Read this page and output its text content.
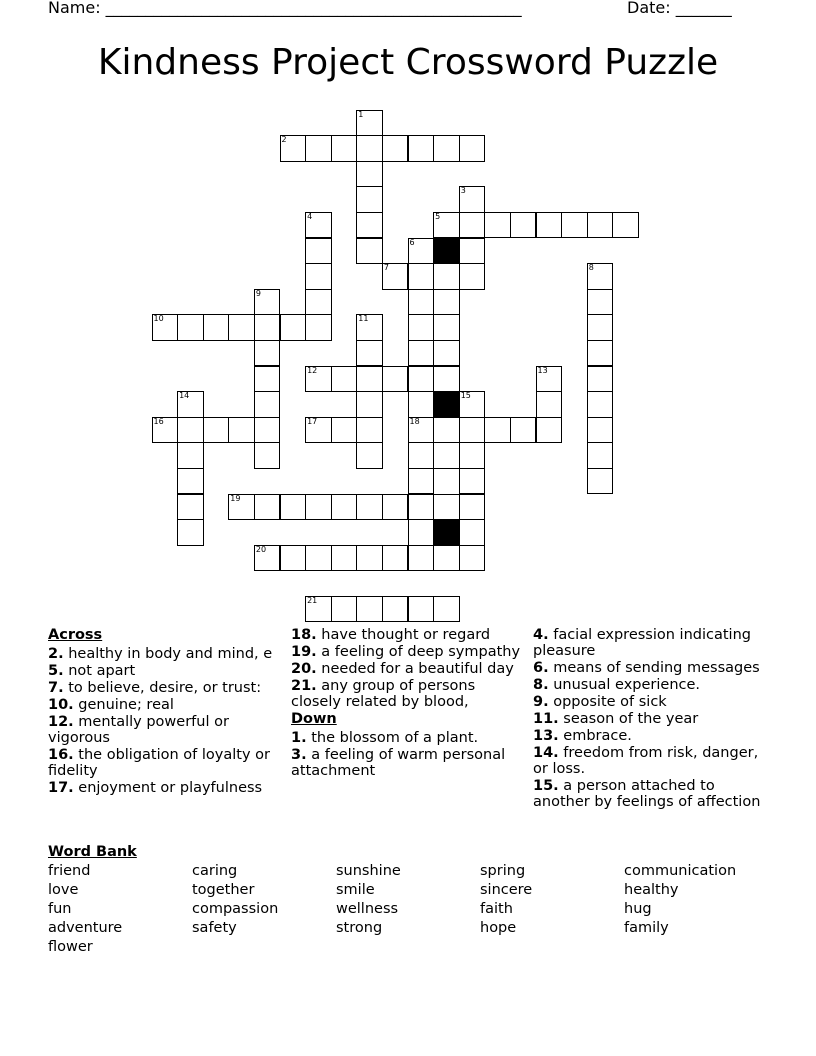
Name: ____________________________________________________	Date: _______
Kindness Project Crossword Puzzle
1
2
3
4	5
6
18
7	8
9
10	11
12	13
14	15
16	17
19
20
21
Across
2. healthy in body and mind, e
5. not apart
7. to believe, desire, or trust:
10. genuine; real
12. mentally powerful or vigorous
16. the obligation of loyalty or fidelity
17. enjoyment or playfulness
18. have thought or regard
19. a feeling of deep sympathy
20. needed for a beautiful day
21. any group of persons closely related by blood,
Down
1. the blossom of a plant.
3. a feeling of warm personal attachment
4. facial expression indicating pleasure
6. means of sending messages
8. unusual experience.
9. opposite of sick
11. season of the year
13. embrace.
14. freedom from risk, danger, or loss.
15. a person attached to another by feelings of affection
Word Bank
friend	caring	sunshine	spring	communication
love	together	smile	sincere	healthy
fun	compassion	wellness	faith	hug
adventure	safety	strong	hope	family
flower
